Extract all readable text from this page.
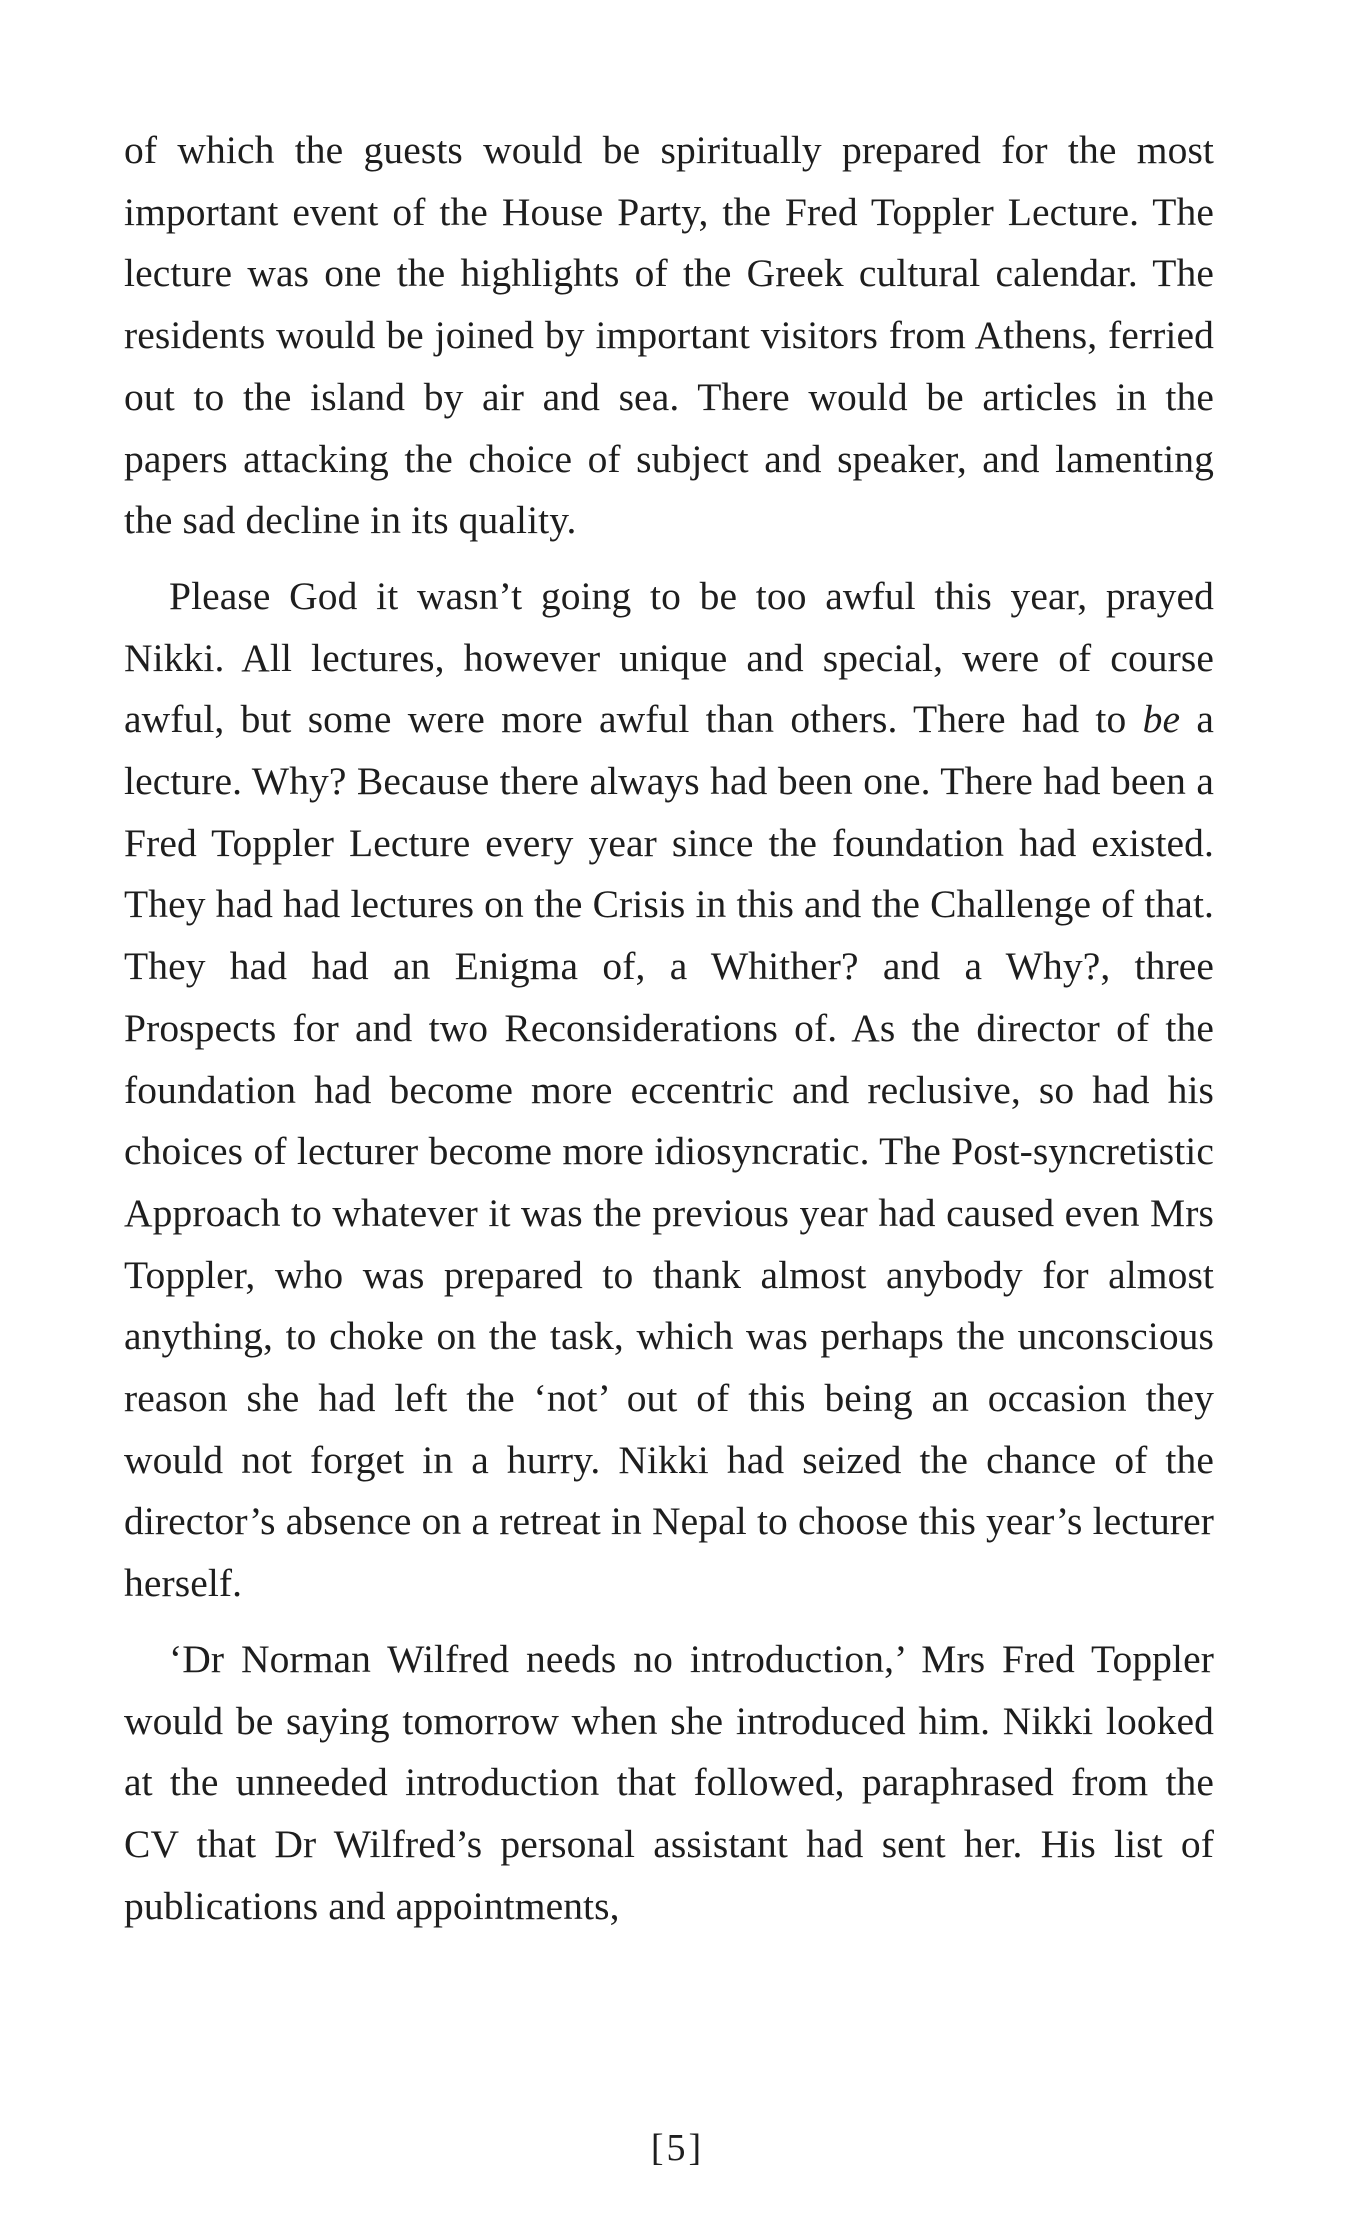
of which the guests would be spiritually prepared for the most important event of the House Party, the Fred Toppler Lecture. The lecture was one the highlights of the Greek cultural calendar. The residents would be joined by important visitors from Athens, ferried out to the island by air and sea. There would be articles in the papers attacking the choice of subject and speaker, and lamenting the sad decline in its quality.

Please God it wasn’t going to be too awful this year, prayed Nikki. All lectures, however unique and special, were of course awful, but some were more awful than others. There had to be a lecture. Why? Because there always had been one. There had been a Fred Toppler Lecture every year since the foundation had existed. They had had lectures on the Crisis in this and the Challenge of that. They had had an Enigma of, a Whither? and a Why?, three Prospects for and two Reconsiderations of. As the director of the foundation had become more eccentric and reclusive, so had his choices of lecturer become more idiosyncratic. The Post-syncretistic Approach to whatever it was the previous year had caused even Mrs Toppler, who was prepared to thank almost anybody for almost anything, to choke on the task, which was perhaps the unconscious reason she had left the ‘not’ out of this being an occasion they would not forget in a hurry. Nikki had seized the chance of the director’s absence on a retreat in Nepal to choose this year’s lecturer herself.

‘Dr Norman Wilfred needs no introduction,’ Mrs Fred Toppler would be saying tomorrow when she introduced him. Nikki looked at the unneeded introduction that followed, paraphrased from the CV that Dr Wilfred’s personal assistant had sent her. His list of publications and appointments,

[5]
